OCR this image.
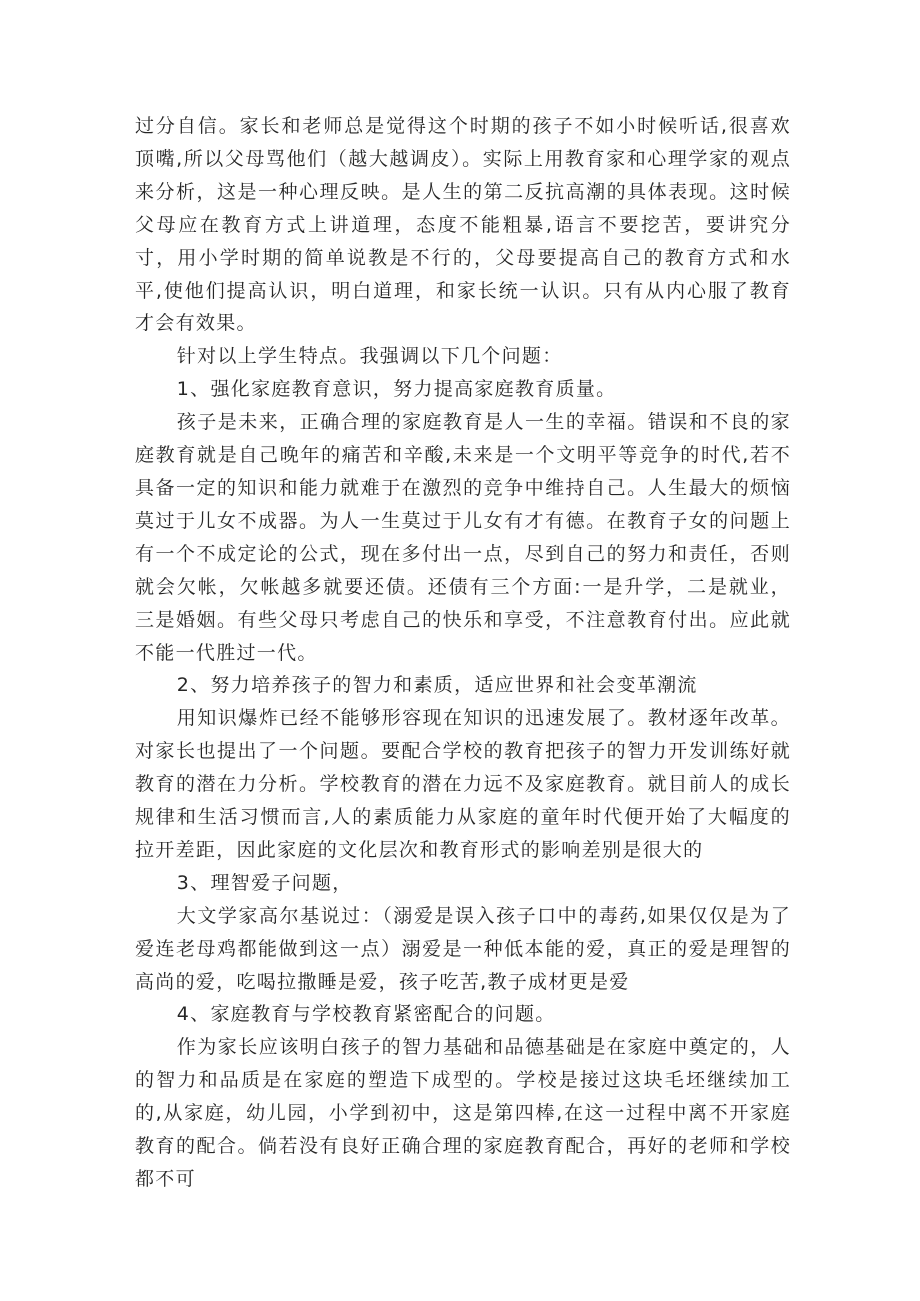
过分自信。家长和老师总是觉得这个时期的孩子不如小时候听话,很喜欢顶嘴,所以父母骂他们（越大越调皮）。实际上用教育家和心理学家的观点来分析，这是一种心理反映。是人生的第二反抗高潮的具体表现。这时候父母应在教育方式上讲道理，态度不能粗暴,语言不要挖苦，要讲究分寸，用小学时期的简单说教是不行的，父母要提高自己的教育方式和水平,使他们提高认识，明白道理，和家长统一认识。只有从内心服了教育才会有效果。

针对以上学生特点。我强调以下几个问题：

1、强化家庭教育意识，努力提高家庭教育质量。

孩子是未来，正确合理的家庭教育是人一生的幸福。错误和不良的家庭教育就是自己晚年的痛苦和辛酸,未来是一个文明平等竞争的时代,若不具备一定的知识和能力就难于在激烈的竞争中维持自己。人生最大的烦恼莫过于儿女不成器。为人一生莫过于儿女有才有德。在教育子女的问题上有一个不成定论的公式，现在多付出一点，尽到自己的努力和责任，否则就会欠帐，欠帐越多就要还债。还债有三个方面:一是升学，二是就业，三是婚姻。有些父母只考虑自己的快乐和享受，不注意教育付出。应此就不能一代胜过一代。

2、努力培养孩子的智力和素质，适应世界和社会变革潮流

用知识爆炸已经不能够形容现在知识的迅速发展了。教材逐年改革。对家长也提出了一个问题。要配合学校的教育把孩子的智力开发训练好就教育的潜在力分析。学校教育的潜在力远不及家庭教育。就目前人的成长规律和生活习惯而言,人的素质能力从家庭的童年时代便开始了大幅度的拉开差距，因此家庭的文化层次和教育形式的影响差别是很大的

3、理智爱子问题，

大文学家高尔基说过：（溺爱是误入孩子口中的毒药,如果仅仅是为了爱连老母鸡都能做到这一点）溺爱是一种低本能的爱，真正的爱是理智的高尚的爱，吃喝拉撒睡是爱，孩子吃苦,教子成材更是爱

4、家庭教育与学校教育紧密配合的问题。

作为家长应该明白孩子的智力基础和品德基础是在家庭中奠定的，人的智力和品质是在家庭的塑造下成型的。学校是接过这块毛坯继续加工的,从家庭，幼儿园，小学到初中，这是第四棒,在这一过程中离不开家庭教育的配合。倘若没有良好正确合理的家庭教育配合，再好的老师和学校都不可
